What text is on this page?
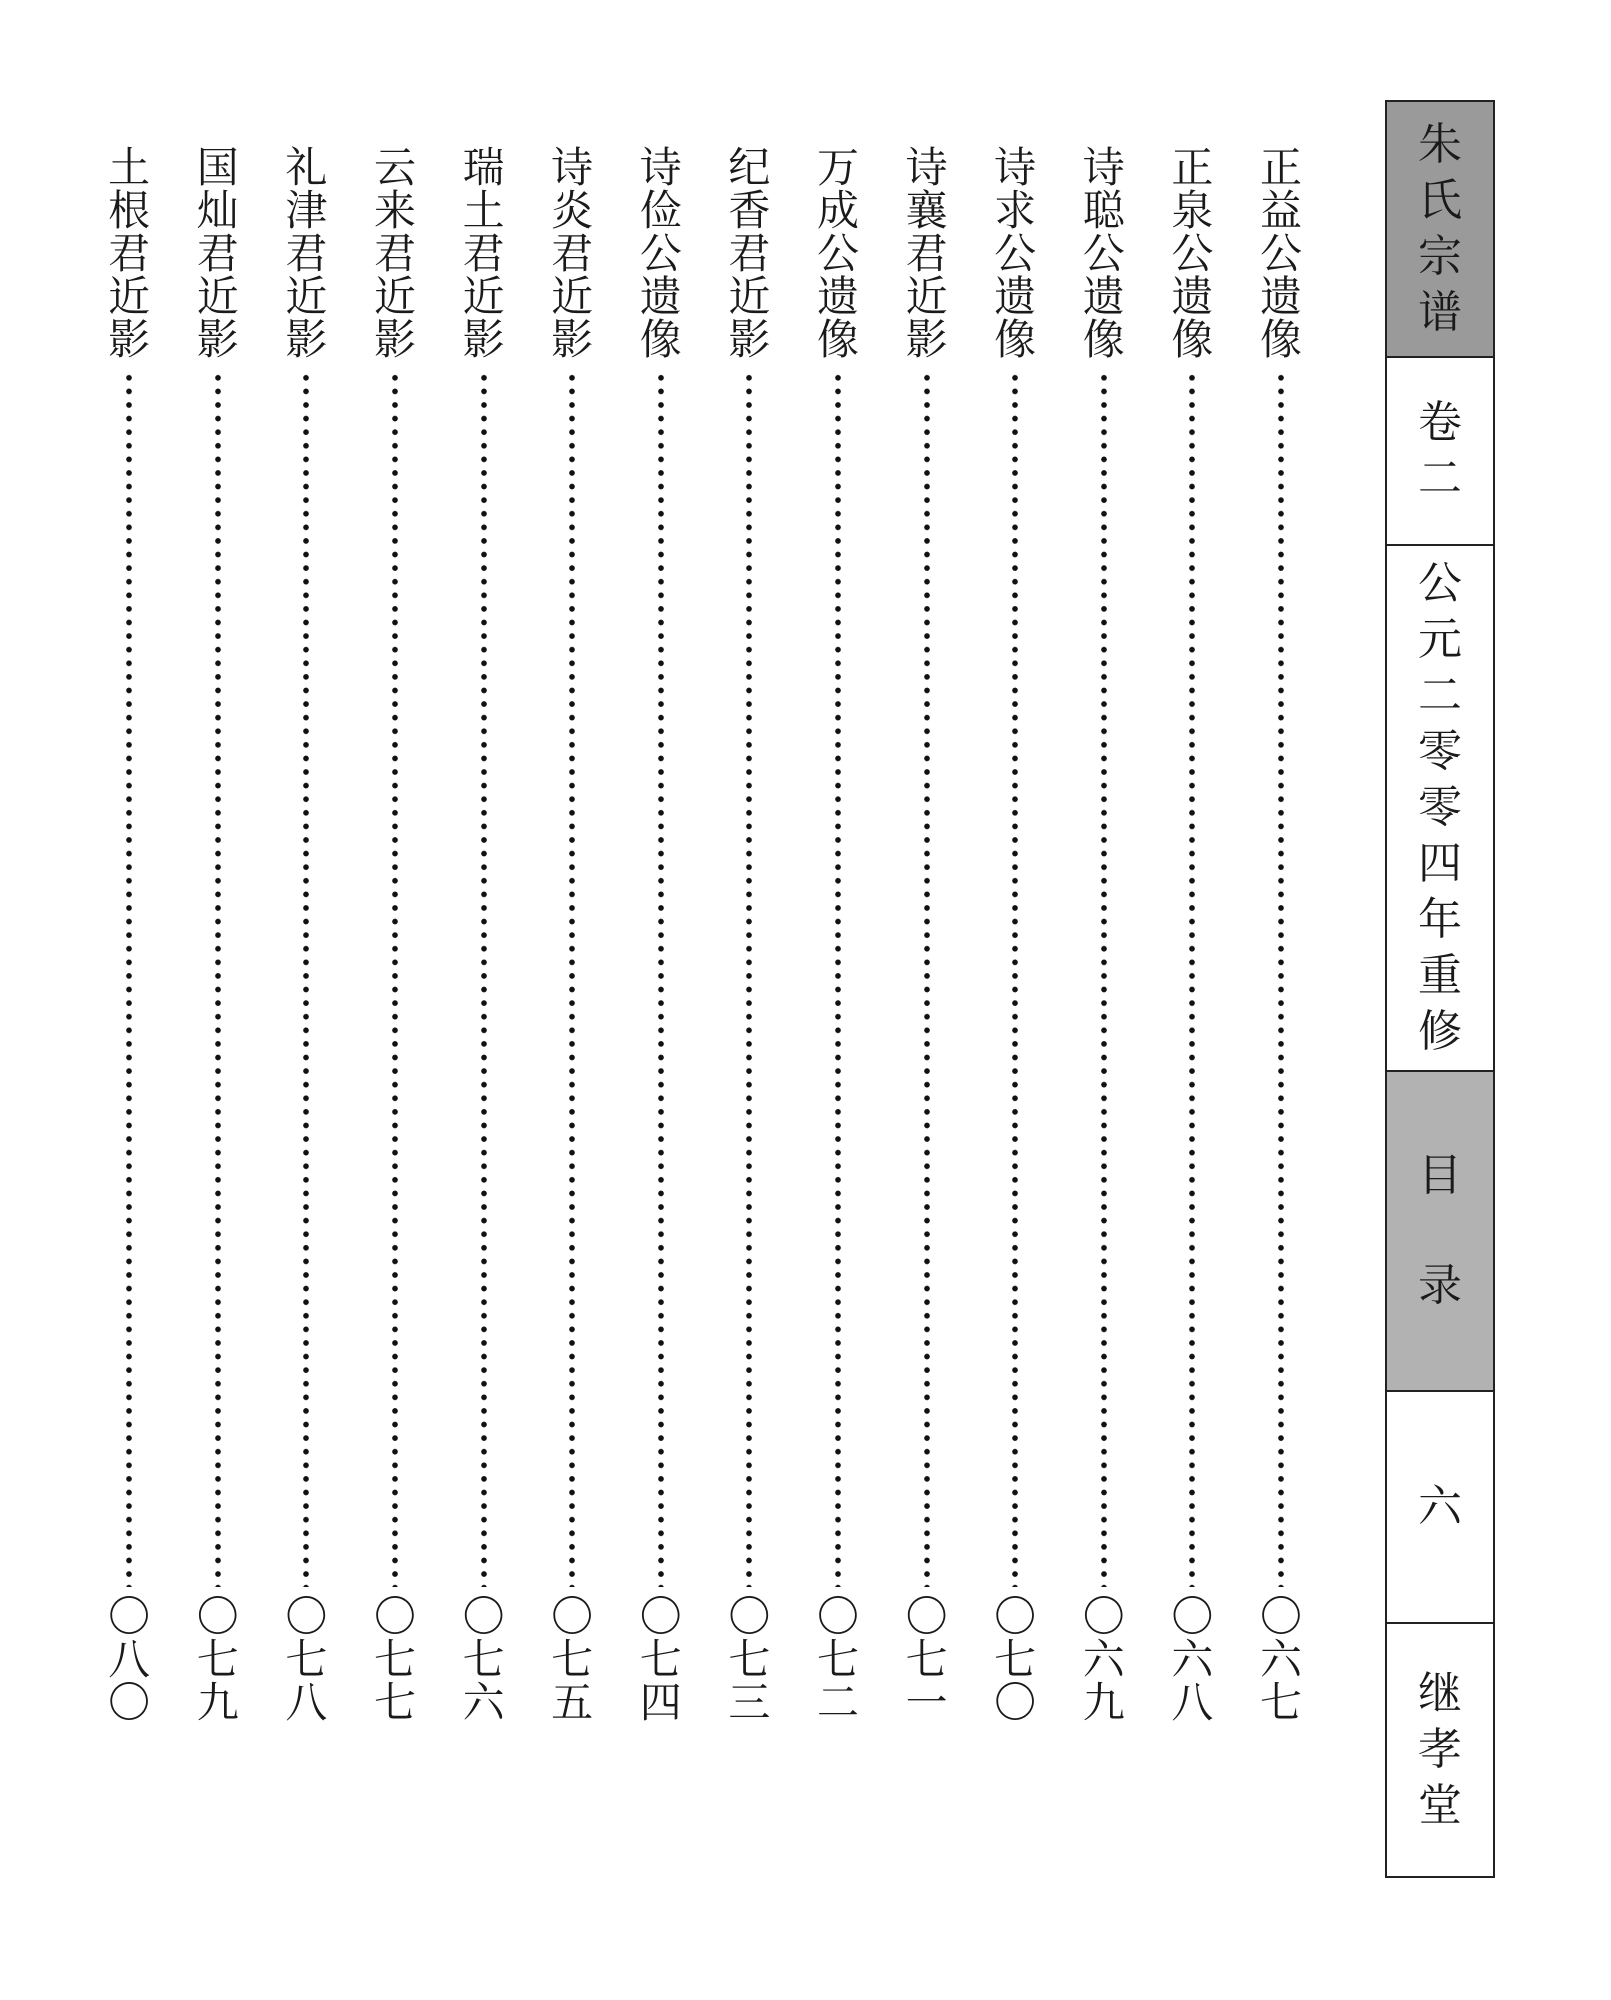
朱
氏
宗
谱
卷
二
公
元
二
零
零
四
年
重
修
目
录
六
继
孝
堂
正
益
公
遗
像
〇
六
七
正
泉
公
遗
像
〇
六
八
诗
聪
公
遗
像
〇
六
九
诗
求
公
遗
像
〇
七
〇
诗
襄
君
近
影
〇
七
一
万
成
公
遗
像
〇
七
二
纪
香
君
近
影
〇
七
三
诗
俭
公
遗
像
〇
七
四
诗
炎
君
近
影
〇
七
五
瑞
土
君
近
影
〇
七
六
云
来
君
近
影
〇
七
七
礼
津
君
近
影
〇
七
八
国
灿
君
近
影
〇
七
九
土
根
君
近
影
〇
八
〇
